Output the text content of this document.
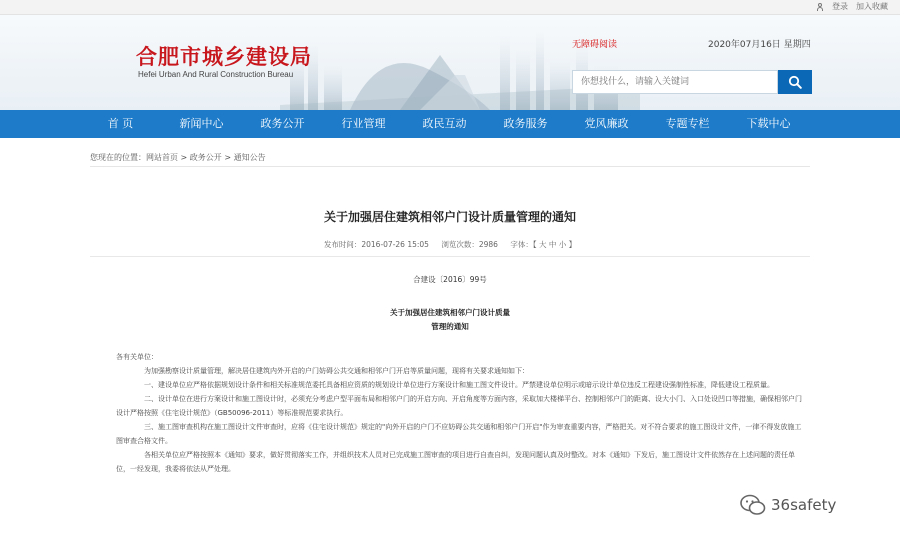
登录 加入收藏
合肥市城乡建设局
Hefei Urban And Rural Construction Bureau
无障碍阅读	2020年07月16日 星期四
你想找什么，请输入关键词
首 页	新闻中心	政务公开	行业管理	政民互动	政务服务	党风廉政	专题专栏	下载中心
您现在的位置：网站首页 > 政务公开 > 通知公告
关于加强居住建筑相邻户门设计质量管理的通知
发布时间：2016-07-26 15:05 浏览次数：2986 字体：【 大 中 小 】
合建设〔2016〕99号
关于加强居住建筑相邻户门设计质量
管理的通知

各有关单位：

为加强勘察设计质量管理，解决居住建筑内外开启的户门妨碍公共交通和相邻户门开启等质量问题，现将有关要求通知如下：

一、建设单位应严格依据规划设计条件和相关标准规范委托具备相应资质的规划设计单位进行方案设计和施工图文件设计。严禁建设单位明示或暗示设计单位违反工程建设强制性标准，降低建设工程质量。

二、设计单位在进行方案设计和施工图设计时，必须充分考虑户型平面布局和相邻户门的开启方向、开启角度等方面内容，采取加大楼梯平台、控制相邻户门的距离、设大小门、入口处设凹口等措施，确保相邻户门设计严格按照《住宅设计规范》（GB50096-2011）等标准规范要求执行。

三、施工图审查机构在施工图设计文件审查时，应将《住宅设计规范》规定的"向外开启的户门不应妨碍公共交通和相邻户门开启"作为审查重要内容，严格把关。对不符合要求的施工图设计文件，一律不得发放施工图审查合格文件。

各相关单位应严格按照本《通知》要求，做好贯彻落实工作，并组织技术人员对已完成施工图审查的项目进行自查自纠，发现问题认真及时整改。对本《通知》下发后，施工图设计文件依然存在上述问题的责任单位，一经发现，我委将依法从严处理。

36safety
